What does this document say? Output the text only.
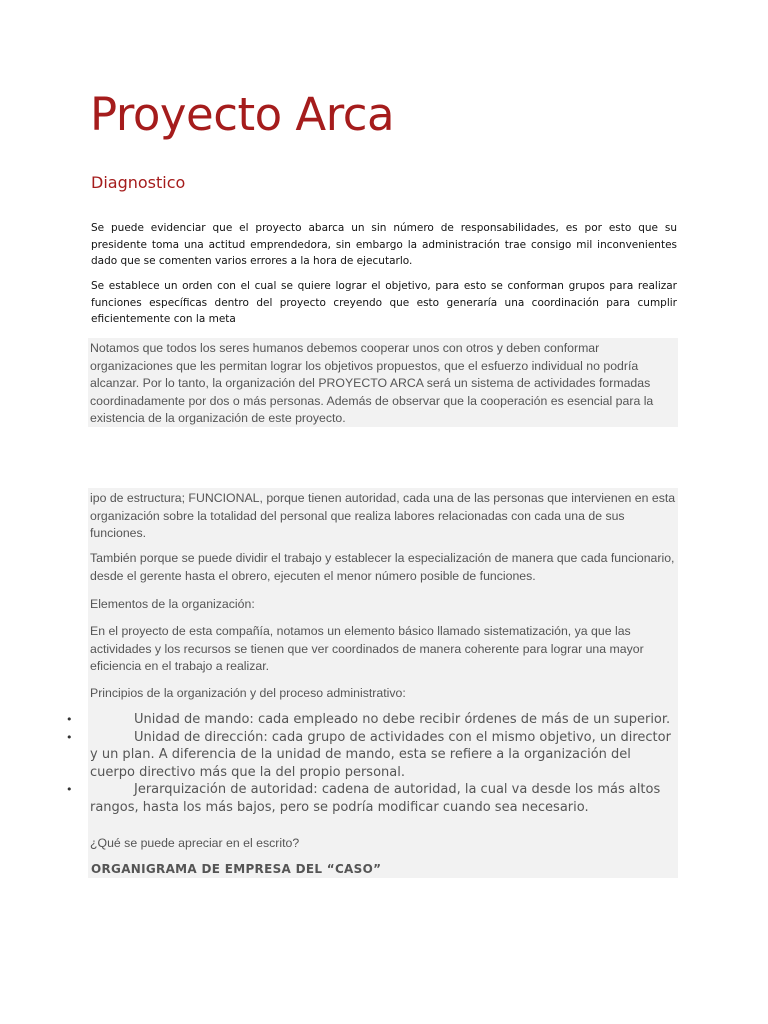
Proyecto Arca
Diagnostico

Se puede evidenciar que el proyecto abarca un sin número de responsabilidades, es por esto que su presidente toma una actitud emprendedora, sin embargo la administración trae consigo mil inconvenientes dado que se comenten varios errores a la hora de ejecutarlo.

Se establece un orden con el cual se quiere lograr el objetivo, para esto se conforman grupos para realizar funciones específicas dentro del proyecto creyendo que esto generaría una coordinación para cumplir eficientemente con la meta

Notamos que todos los seres humanos debemos cooperar unos con otros y deben conformar organizaciones que les permitan lograr los objetivos propuestos, que el esfuerzo individual no podría alcanzar. Por lo tanto, la organización del PROYECTO ARCA será un sistema de actividades formadas coordinadamente por dos o más personas. Además de observar que la cooperación es esencial para la existencia de la organización de este proyecto.

ipo de estructura; FUNCIONAL, porque tienen autoridad, cada una de las personas que intervienen en esta organización sobre la totalidad del personal que realiza labores relacionadas con cada una de sus funciones.

También porque se puede dividir el trabajo y establecer la especialización de manera que cada funcionario, desde el gerente hasta el obrero, ejecuten el menor número posible de funciones.

Elementos de la organización:

En el proyecto de esta compañía, notamos un elemento básico llamado sistematización, ya que las actividades y los recursos se tienen que ver coordinados de manera coherente para lograr una mayor eficiencia en el trabajo a realizar.

Principios de la organización y del proceso administrativo:

•	Unidad de mando: cada empleado no debe recibir órdenes de más de un superior.
•	Unidad de dirección: cada grupo de actividades con el mismo objetivo, un director y un plan. A diferencia de la unidad de mando, esta se refiere a la organización del cuerpo directivo más que la del propio personal.
•	Jerarquización de autoridad: cadena de autoridad, la cual va desde los más altos rangos, hasta los más bajos, pero se podría modificar cuando sea necesario.

¿Qué se puede apreciar en el escrito?

ORGANIGRAMA DE EMPRESA DEL “CASO”
